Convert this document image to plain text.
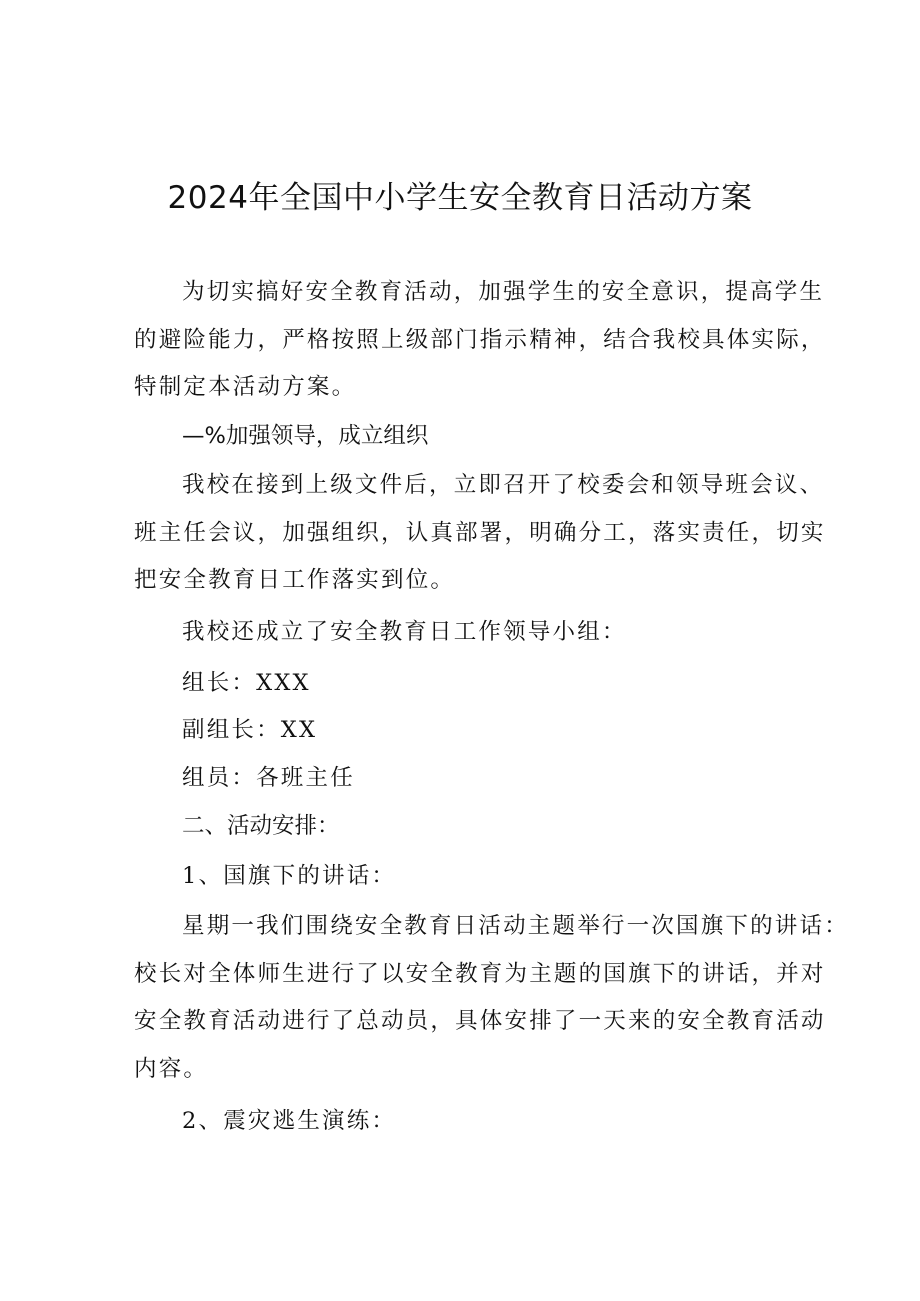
2024年全国中小学生安全教育日活动方案
为切实搞好安全教育活动，加强学生的安全意识，提高学生
的避险能力，严格按照上级部门指示精神，结合我校具体实际，
特制定本活动方案。
—%加强领导，成立组织
我校在接到上级文件后，立即召开了校委会和领导班会议、
班主任会议，加强组织，认真部署，明确分工，落实责任，切实
把安全教育日工作落实到位。
我校还成立了安全教育日工作领导小组：
组长：XXX
副组长：XX
组员：各班主任
二、活动安排：
1、国旗下的讲话：
星期一我们围绕安全教育日活动主题举行一次国旗下的讲话：
校长对全体师生进行了以安全教育为主题的国旗下的讲话，并对
安全教育活动进行了总动员，具体安排了一天来的安全教育活动
内容。
2、震灾逃生演练：
